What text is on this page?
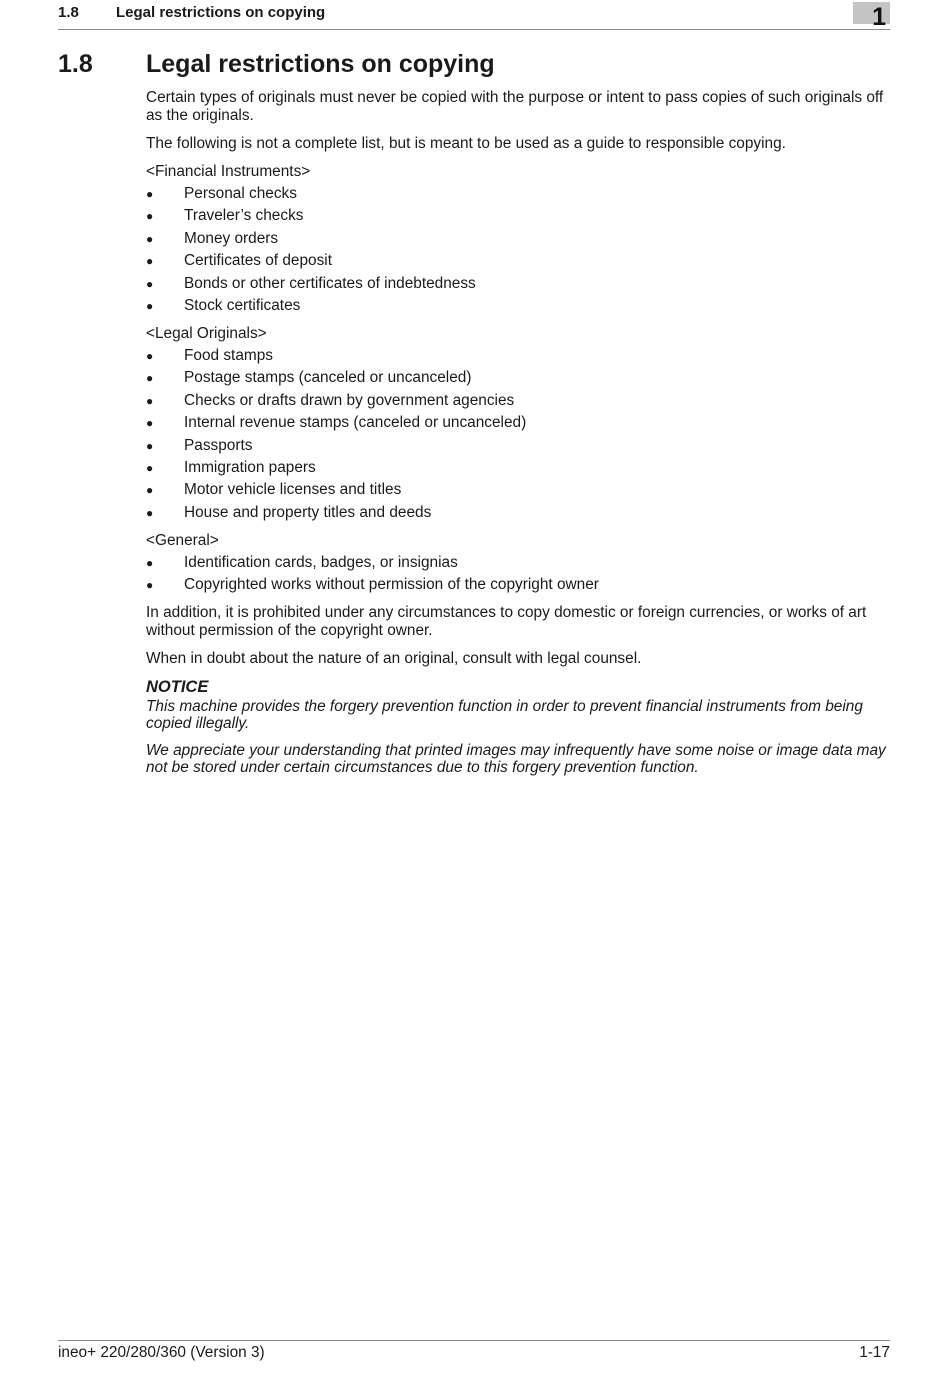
1.8 Legal restrictions on copying	1
1.8 Legal restrictions on copying

Certain types of originals must never be copied with the purpose or intent to pass copies of such originals off as the originals.

The following is not a complete list, but is meant to be used as a guide to responsible copying.

<Financial Instruments>

● Personal checks
● Traveler’s checks
● Money orders
● Certificates of deposit
● Bonds or other certificates of indebtedness
● Stock certificates

<Legal Originals>

● Food stamps
● Postage stamps (canceled or uncanceled)
● Checks or drafts drawn by government agencies
● Internal revenue stamps (canceled or uncanceled)
● Passports
● Immigration papers
● Motor vehicle licenses and titles
● House and property titles and deeds

<General>

● Identification cards, badges, or insignias
● Copyrighted works without permission of the copyright owner

In addition, it is prohibited under any circumstances to copy domestic or foreign currencies, or works of art without permission of the copyright owner.

When in doubt about the nature of an original, consult with legal counsel.

NOTICE

This machine provides the forgery prevention function in order to prevent financial instruments from being copied illegally.

We appreciate your understanding that printed images may infrequently have some noise or image data may not be stored under certain circumstances due to this forgery prevention function.

ineo+ 220/280/360 (Version 3)	1-17
